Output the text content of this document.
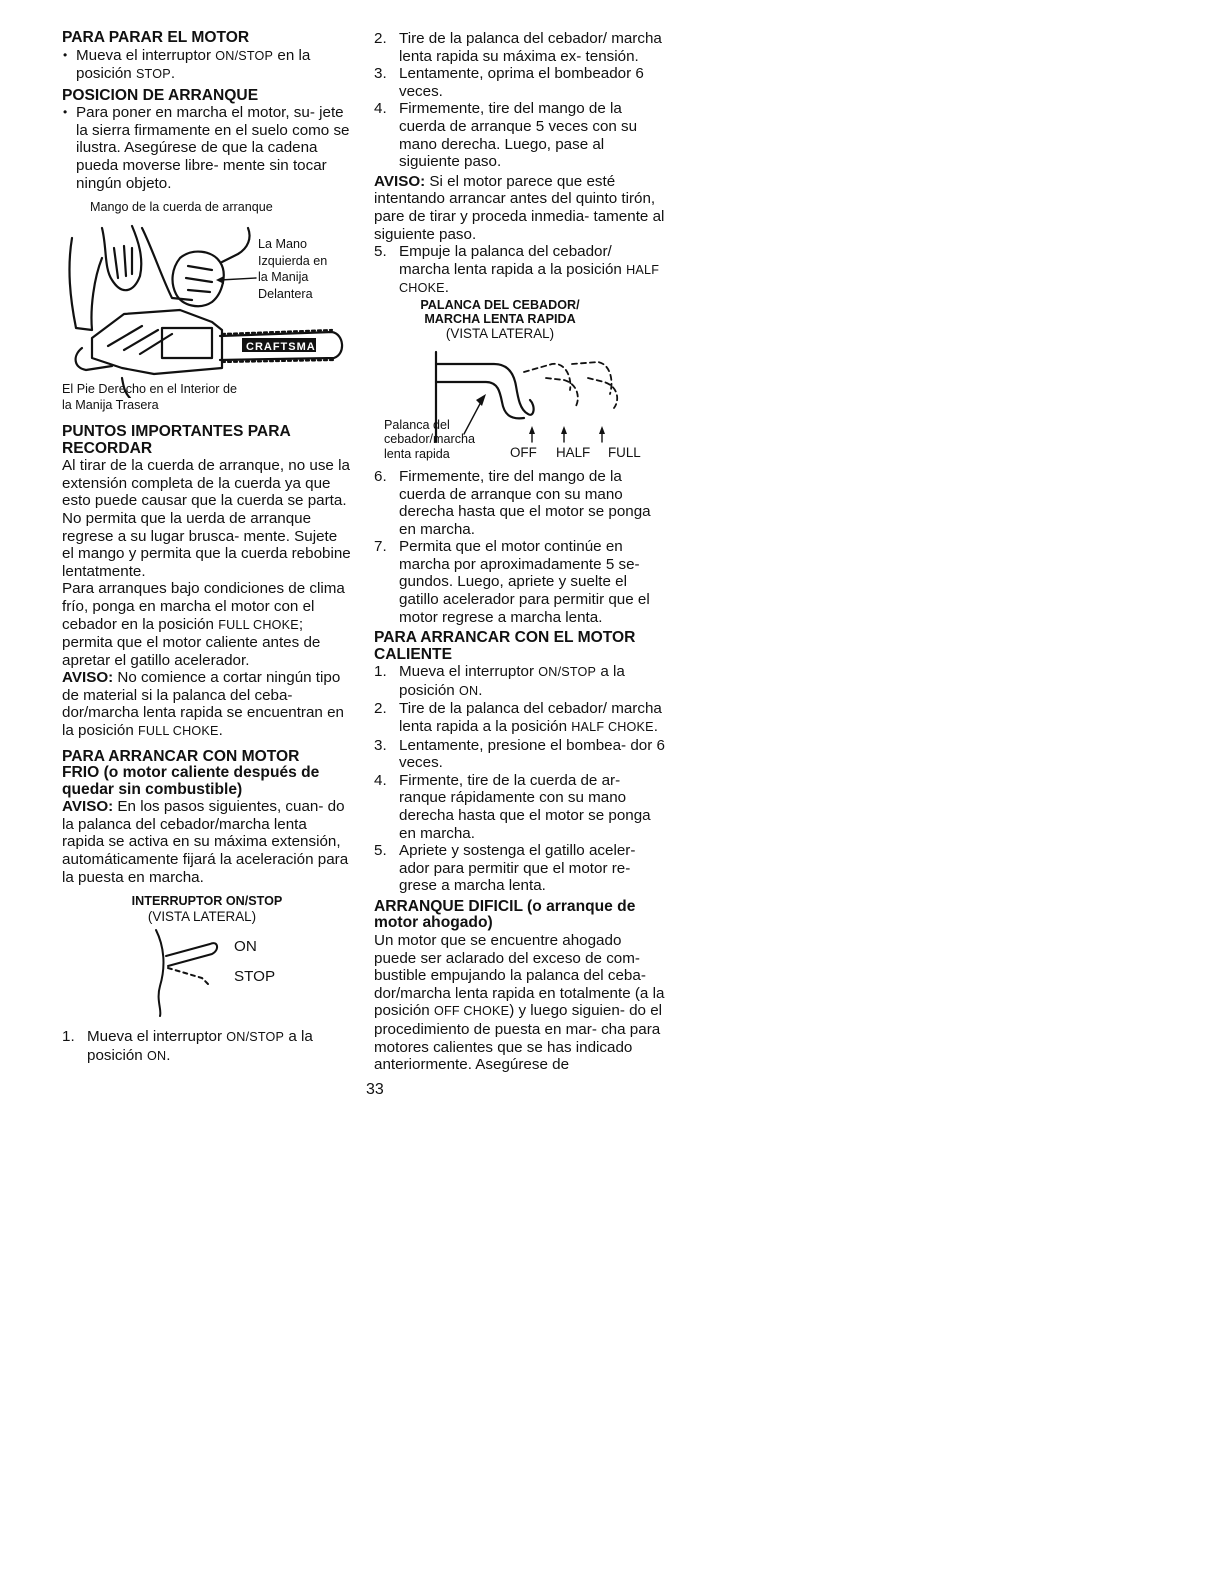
PARA PARAR EL MOTOR

• Mueva el interruptor ON/STOP en la posición STOP.

POSICION DE ARRANQUE

• Para poner en marcha el motor, su- jete la sierra firmamente en el suelo como se ilustra. Asegúrese de que la cadena pueda moverse libre- mente sin tocar ningún objeto.

Mango de la cuerda de arranque
CRAFTSMAN
La Mano
Izquierda en
la Manija
Delantera
El Pie Derecho en el Interior de
la Manija Trasera
PUNTOS IMPORTANTES PARA RECORDAR

Al tirar de la cuerda de arranque, no use la extensión completa de la cuerda ya que esto puede causar que la cuerda se parta. No permita que la uerda de arranque regrese a su lugar brusca- mente. Sujete el mango y permita que la cuerda rebobine lentatmente.

Para arranques bajo condiciones de clima frío, ponga en marcha el motor con el cebador en la posición FULL CHOKE; permita que el motor caliente antes de apretar el gatillo acelerador.

AVISO: No comience a cortar ningún tipo de material si la palanca del ceba- dor/marcha lenta rapida se encuentran en la posición FULL CHOKE.

PARA ARRANCAR CON MOTOR
FRIO (o motor caliente después de quedar sin combustible)

AVISO: En los pasos siguientes, cuan- do la palanca del cebador/marcha lenta rapida se activa en su máxima extensión, automáticamente fijará la aceleración para la puesta en marcha.

INTERRUPTOR ON/STOP
(VISTA LATERAL)
ON
STOP

1. Mueva el interruptor ON/STOP a la posición ON.

2. Tire de la palanca del cebador/ marcha lenta rapida su máxima ex- tensión.

3. Lentamente, oprima el bombeador 6 veces.

4. Firmemente, tire del mango de la cuerda de arranque 5 veces con su mano derecha. Luego, pase al siguiente paso.

AVISO: Si el motor parece que esté intentando arrancar antes del quinto tirón, pare de tirar y proceda inmedia- tamente al siguiente paso.

5. Empuje la palanca del cebador/ marcha lenta rapida a la posición HALF CHOKE.

PALANCA DEL CEBADOR/
MARCHA LENTA RAPIDA
(VISTA LATERAL)
Palanca del
cebador/marcha
lenta rapida	OFF HALF FULL

6. Firmemente, tire del mango de la cuerda de arranque con su mano derecha hasta que el motor se ponga en marcha.

7. Permita que el motor continúe en marcha por aproximadamente 5 se- gundos. Luego, apriete y suelte el gatillo acelerador para permitir que el motor regrese a marcha lenta.

PARA ARRANCAR CON EL MOTOR CALIENTE

1. Mueva el interruptor ON/STOP a la posición ON.

2. Tire de la palanca del cebador/ marcha lenta rapida a la posición HALF CHOKE.

3. Lentamente, presione el bombea- dor 6 veces.

4. Firmente, tire de la cuerda de ar- ranque rápidamente con su mano derecha hasta que el motor se ponga en marcha.

5. Apriete y sostenga el gatillo aceler- ador para permitir que el motor re- grese a marcha lenta.

ARRANQUE DIFICIL (o arranque de motor ahogado)

Un motor que se encuentre ahogado puede ser aclarado del exceso de com- bustible empujando la palanca del ceba- dor/marcha lenta rapida en totalmente (a la posición OFF CHOKE) y luego siguien- do el procedimiento de puesta en mar- cha para motores calientes que se has indicado anteriormente. Asegúrese de

33
